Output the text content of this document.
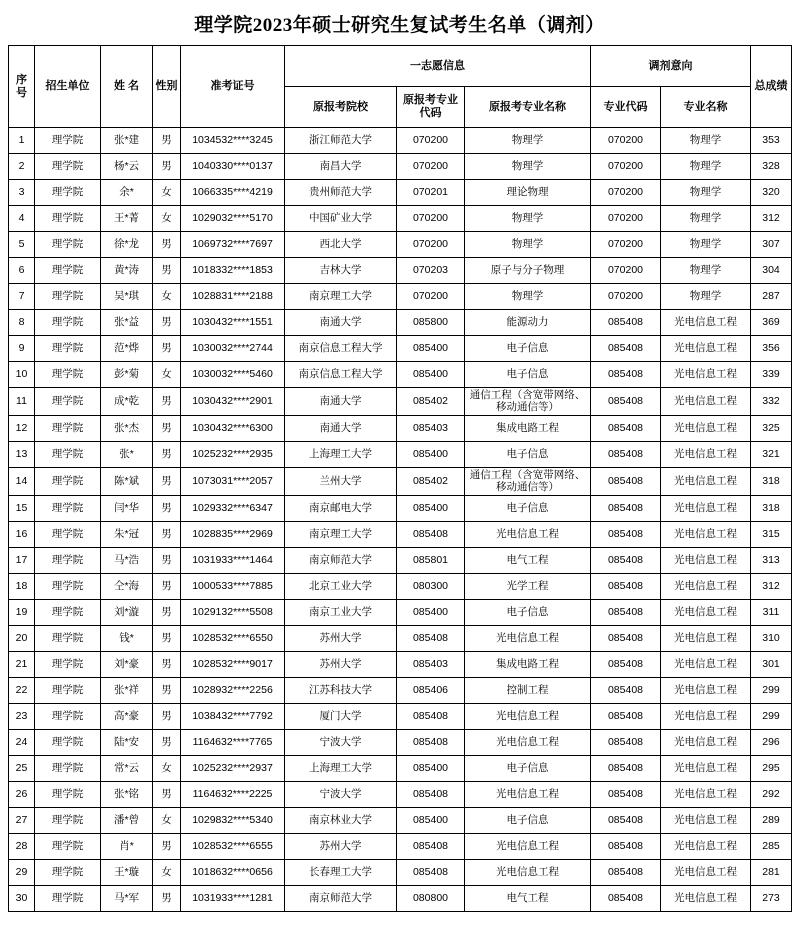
理学院2023年硕士研究生复试考生名单（调剂）
序号	招生单位	姓 名	性别	准考证号	一志愿信息			调剂意向		总成绩
					原报考院校	原报考专业代码	原报考专业名称	专业代码	专业名称	
1	理学院	张*建	男	1034532****3245	浙江师范大学	070200	物理学	070200	物理学	353
2	理学院	杨*云	男	1040330****0137	南昌大学	070200	物理学	070200	物理学	328
3	理学院	余*	女	1066335****4219	贵州师范大学	070201	理论物理	070200	物理学	320
4	理学院	王*菁	女	1029032****5170	中国矿业大学	070200	物理学	070200	物理学	312
5	理学院	徐*龙	男	1069732****7697	西北大学	070200	物理学	070200	物理学	307
6	理学院	黄*涛	男	1018332****1853	吉林大学	070203	原子与分子物理	070200	物理学	304
7	理学院	吴*琪	女	1028831****2188	南京理工大学	070200	物理学	070200	物理学	287
8	理学院	张*益	男	1030432****1551	南通大学	085800	能源动力	085408	光电信息工程	369
9	理学院	范*烨	男	1030032****2744	南京信息工程大学	085400	电子信息	085408	光电信息工程	356
10	理学院	彭*菊	女	1030032****5460	南京信息工程大学	085400	电子信息	085408	光电信息工程	339
11	理学院	成*乾	男	1030432****2901	南通大学	085402	通信工程（含宽带网络、移动通信等）	085408	光电信息工程	332
12	理学院	张*杰	男	1030432****6300	南通大学	085403	集成电路工程	085408	光电信息工程	325
13	理学院	张*	男	1025232****2935	上海理工大学	085400	电子信息	085408	光电信息工程	321
14	理学院	陈*斌	男	1073031****2057	兰州大学	085402	通信工程（含宽带网络、移动通信等）	085408	光电信息工程	318
15	理学院	闫*华	男	1029332****6347	南京邮电大学	085400	电子信息	085408	光电信息工程	318
16	理学院	朱*冠	男	1028835****2969	南京理工大学	085408	光电信息工程	085408	光电信息工程	315
17	理学院	马*浩	男	1031933****1464	南京师范大学	085801	电气工程	085408	光电信息工程	313
18	理学院	仝*海	男	1000533****7885	北京工业大学	080300	光学工程	085408	光电信息工程	312
19	理学院	刘*漩	男	1029132****5508	南京工业大学	085400	电子信息	085408	光电信息工程	311
20	理学院	钱*	男	1028532****6550	苏州大学	085408	光电信息工程	085408	光电信息工程	310
21	理学院	刘*豪	男	1028532****9017	苏州大学	085403	集成电路工程	085408	光电信息工程	301
22	理学院	张*祥	男	1028932****2256	江苏科技大学	085406	控制工程	085408	光电信息工程	299
23	理学院	高*豪	男	1038432****7792	厦门大学	085408	光电信息工程	085408	光电信息工程	299
24	理学院	陆*安	男	1164632****7765	宁波大学	085408	光电信息工程	085408	光电信息工程	296
25	理学院	常*云	女	1025232****2937	上海理工大学	085400	电子信息	085408	光电信息工程	295
26	理学院	张*铭	男	1164632****2225	宁波大学	085408	光电信息工程	085408	光电信息工程	292
27	理学院	潘*曾	女	1029832****5340	南京林业大学	085400	电子信息	085408	光电信息工程	289
28	理学院	肖*	男	1028532****6555	苏州大学	085408	光电信息工程	085408	光电信息工程	285
29	理学院	王*璇	女	1018632****0656	长春理工大学	085408	光电信息工程	085408	光电信息工程	281
30	理学院	马*军	男	1031933****1281	南京师范大学	080800	电气工程	085408	光电信息工程	273
